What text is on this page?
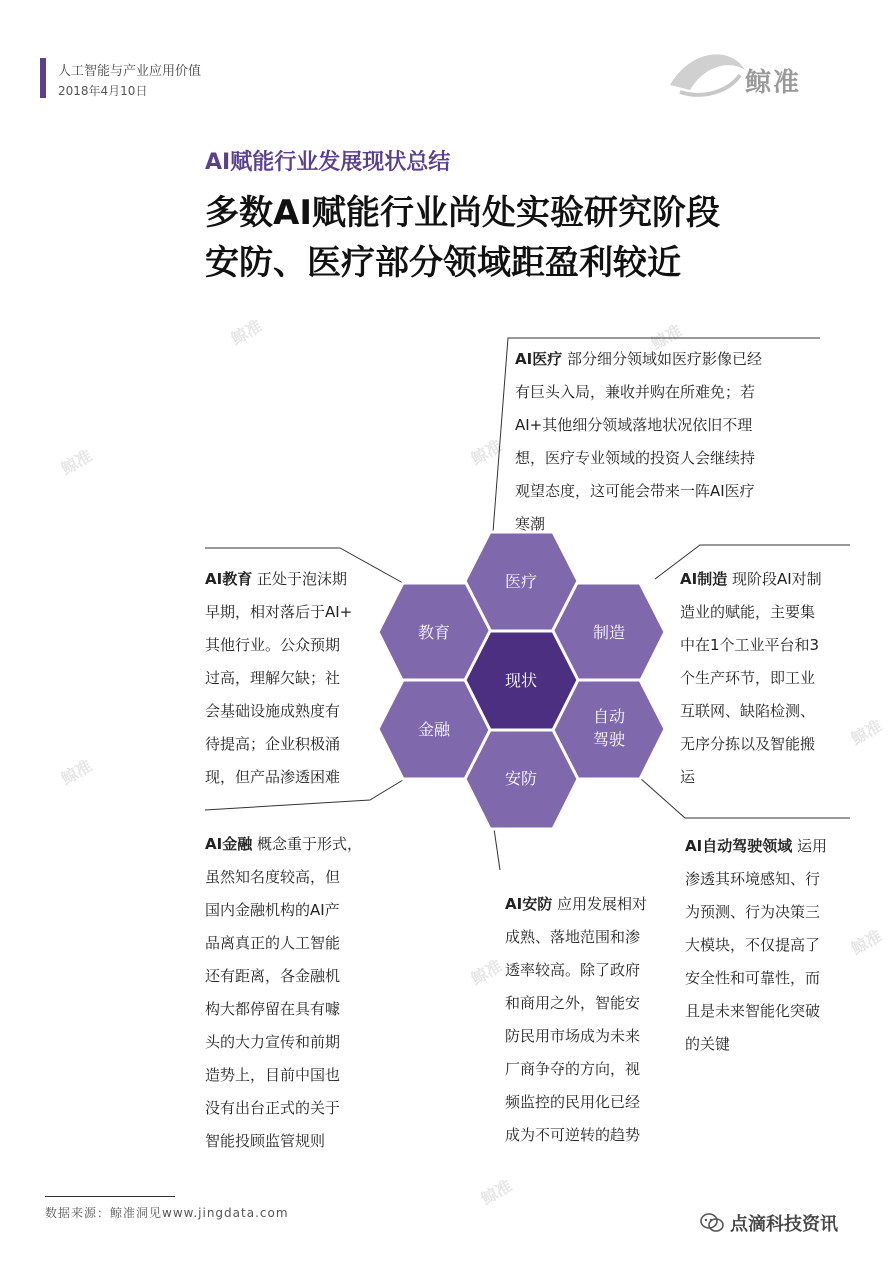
人工智能与产业应用价值
2018年4月10日	鲸准
鲸准	鲸准
鲸准	鲸准
鲸准
鲸准
鲸准
鲸准
鲸准
AI赋能行业发展现状总结
多数AI赋能行业尚处实验研究阶段
安防、医疗部分领域距盈利较近
医疗
教育	制造
现状
金融
自动
驾驶
安防
AI医疗 部分细分领域如医疗影像已经
有巨头入局，兼收并购在所难免；若
AI+其他细分领域落地状况依旧不理
想，医疗专业领域的投资人会继续持
观望态度，这可能会带来一阵AI医疗
寒潮
AI教育 正处于泡沫期
早期，相对落后于AI+
其他行业。公众预期
过高，理解欠缺；社
会基础设施成熟度有
待提高；企业积极涌
现，但产品渗透困难
AI制造 现阶段AI对制
造业的赋能，主要集
中在1个工业平台和3
个生产环节，即工业
互联网、缺陷检测、
无序分拣以及智能搬
运
AI金融 概念重于形式，
虽然知名度较高，但
国内金融机构的AI产
品离真正的人工智能
还有距离，各金融机
构大都停留在具有噱
头的大力宣传和前期
造势上，目前中国也
没有出台正式的关于
智能投顾监管规则
AI安防 应用发展相对
成熟、落地范围和渗
透率较高。除了政府
和商用之外，智能安
防民用市场成为未来
厂商争夺的方向，视
频监控的民用化已经
成为不可逆转的趋势
AI自动驾驶领域 运用
渗透其环境感知、行
为预测、行为决策三
大模块，不仅提高了
安全性和可靠性，而
且是未来智能化突破
的关键
数据来源：鲸准洞见www.jingdata.com
点滴科技资讯
